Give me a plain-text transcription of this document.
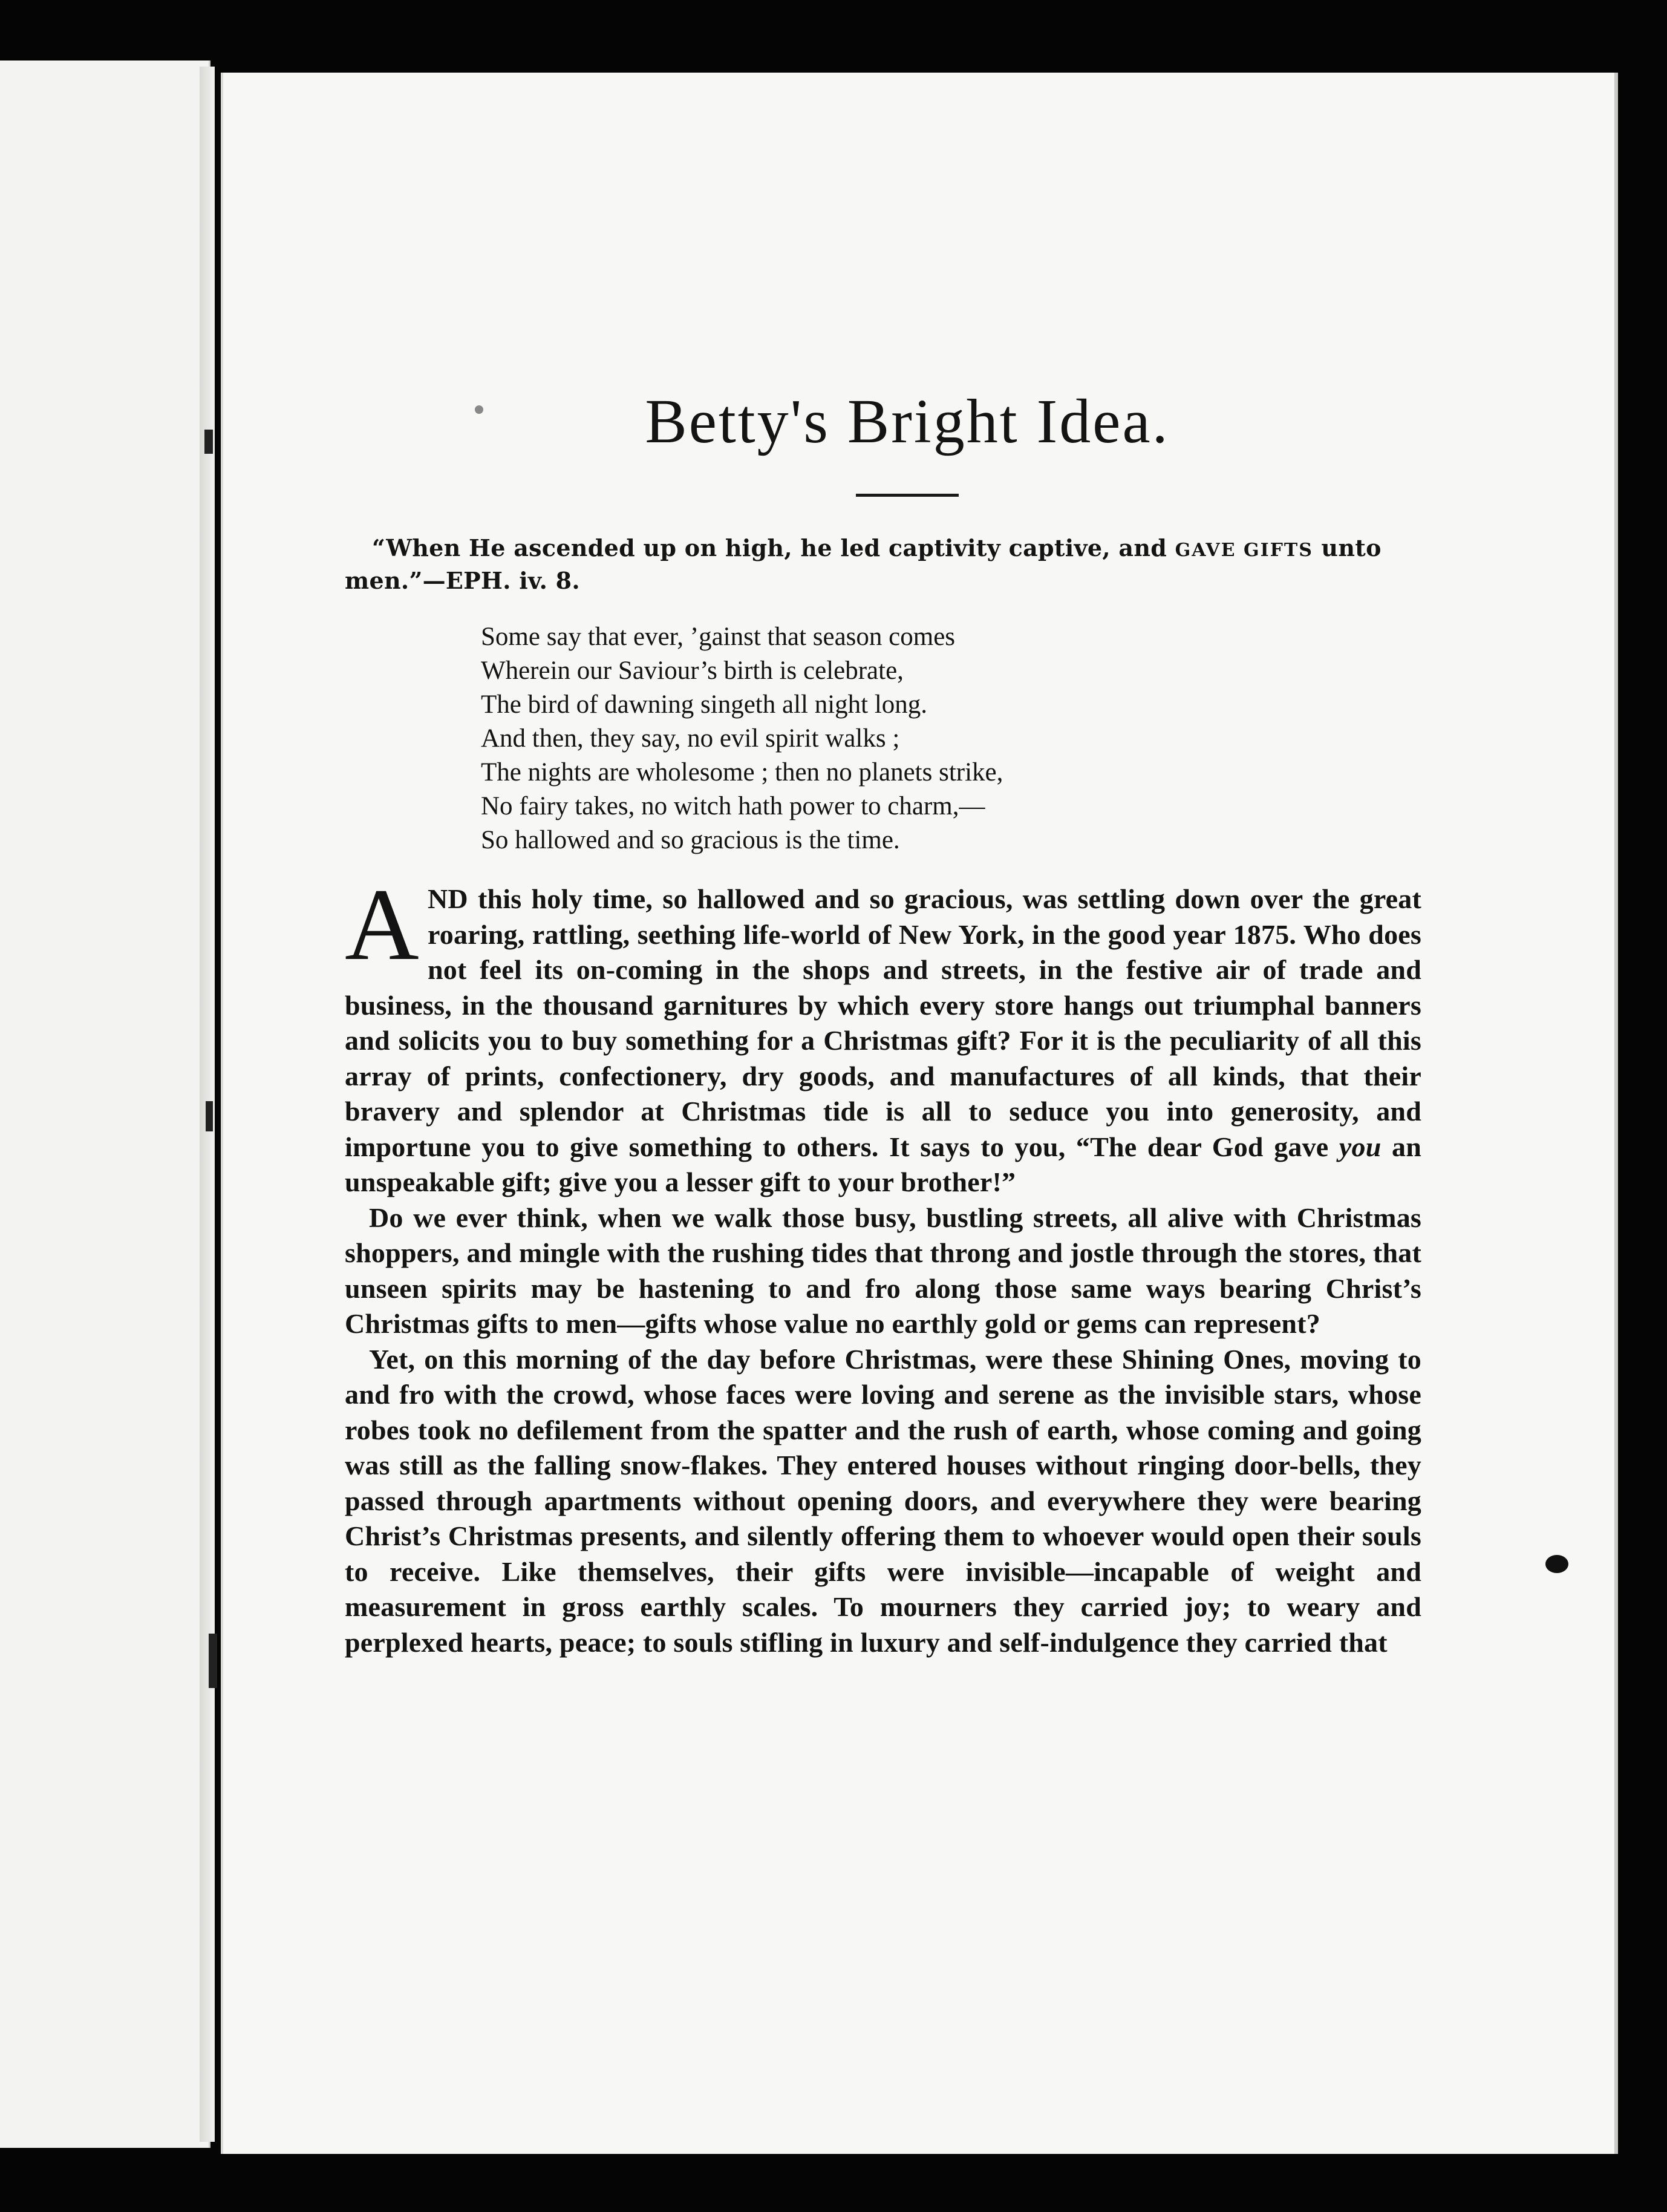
Betty's Bright Idea.

“When He ascended up on high, he led captivity captive, and GAVE GIFTS unto men.”—EPH. iv. 8.

Some say that ever, ’gainst that season comes
Wherein our Saviour’s birth is celebrate,
The bird of dawning singeth all night long.
And then, they say, no evil spirit walks ;
The nights are wholesome ; then no planets strike,
No fairy takes, no witch hath power to charm,—
So hallowed and so gracious is the time.

AND this holy time, so hallowed and so gracious, was settling down over the great roaring, rattling, seething life-world of New York, in the good year 1875. Who does not feel its on-coming in the shops and streets, in the festive air of trade and business, in the thousand garnitures by which every store hangs out triumphal banners and solicits you to buy something for a Christmas gift? For it is the peculiarity of all this array of prints, confectionery, dry goods, and manufactures of all kinds, that their bravery and splendor at Christmas tide is all to seduce you into generosity, and importune you to give something to others. It says to you, “The dear God gave you an unspeakable gift; give you a lesser gift to your brother!”

Do we ever think, when we walk those busy, bustling streets, all alive with Christmas shoppers, and mingle with the rushing tides that throng and jostle through the stores, that unseen spirits may be hastening to and fro along those same ways bearing Christ’s Christmas gifts to men—gifts whose value no earthly gold or gems can represent?

Yet, on this morning of the day before Christmas, were these Shining Ones, moving to and fro with the crowd, whose faces were loving and serene as the invisible stars, whose robes took no defilement from the spatter and the rush of earth, whose coming and going was still as the falling snow-flakes. They entered houses without ringing door-bells, they passed through apartments without opening doors, and everywhere they were bearing Christ’s Christmas presents, and silently offering them to whoever would open their souls to receive. Like themselves, their gifts were invisible—incapable of weight and measurement in gross earthly scales. To mourners they carried joy; to weary and perplexed hearts, peace; to souls stifling in luxury and self-indulgence they carried that
